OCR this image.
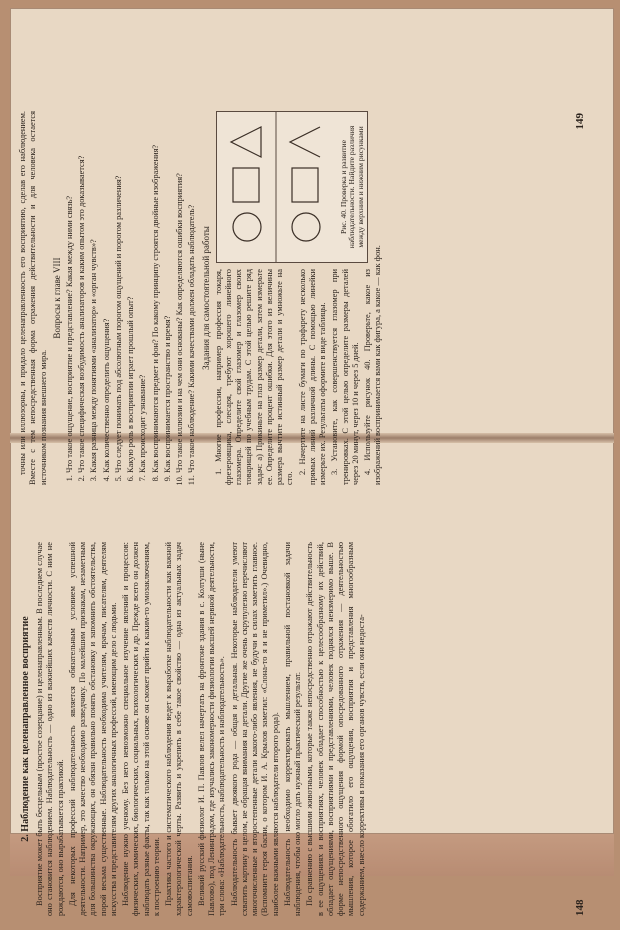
точны или иллюзорны, и придало целенаправленность его восприятию, сделав его наблюдением. Вместе с тем непосредственная форма отражения действительности и для человека остается источником познания внешнего мира.

Вопросы к главе VIII 1. Что такое ощущение, восприятие и представление? Какая между ними связь? 2. Что такое специфическая возбудимость анализаторов и каким опытом это доказывается? 3. Какая разница между понятиями «анализатор» и «орган чувств»? 4. Как количественно определить ощущения? 5. Что следует понимать под абсолютным порогом ощущений и порогом различения? 6. Какую роль в восприятии играет прошлый опыт? 7. Как происходит узнавание? 8. Как воспринимаются предмет и фон? По какому принципу строятся двойные изображения? 9. Как воспринимается пространство и время? 10. Что такое иллюзии и на чем они основаны? Как определяются ошибки восприятия? 11. Что такое наблюдение? Какими качествами должен обладать наблюдатель? Задания для самостоятельной работы
Рис. 40. Проверка и развитие наблюдательности. Найдите различия между верхним и нижним рисунками

1. Многие профессии, например профессия токаря, фрезеровщика, слесаря, требуют хорошего линейного глазомера. Определите свой глазомер и глазомер своих товарищей по учебным трудам. С этой целью решите ряд задач: а) Прикиньте на глаз размер детали, затем измерьте ее. Определите процент ошибки. Для этого из величины размера вычтите истинный размер детали и умножьте на сто.

2. Начертите на листе бумаги по трафарету несколько прямых линий различной длины. С помощью линейки измерьте их. Результаты оформите в виде таблицы. 3. Установите, как совершенствуется глазомер при тренировках. С этой целью определите размеры деталей через 20 минут, через 10 и через 5 дней. 4. Используйте рисунок 40. Проверьте, какое из изображений воспринимается вами как фигура, а какое — как фон.

149
2. Наблюдение как целенаправленное восприятие Восприятие может быть бесцельным (простое созерцание) и целенаправленным. В последнем случае оно становится наблюдением. Наблюдательность — одно из важнейших качеств личности. С ним не рождаются, оно вырабатывается практикой. Для некоторых профессий наблюдательность является обязательным условием успешной деятельности. Например, это качество необходимо разведчику. По малейшим признакам, незаметным для большинства окружающих, он обязан правильно понять обстановку и запомнить обстоятельства, порой весьма существенные. Наблюдательность необходима учителям, врачам, писателям, деятелям искусства и представителям других аналогичных профессий, имеющим дело с людьми. Наблюдение нужно ученому. Без него невозможно специальное изучение явлений и процессов: физических, химических, биологических, социальных, психологических и др. Прежде всего он должен наблюдать разные факты, так как только на этой основе он сможет прийти к каким-то умозаключениям, к построению теории. Практика частого и систематического наблюдения ведет к выработке наблюдательности как важной характерологической черты. Развить и укрепить в себе такое свойство — одна из актуальных задач самовоспитания. Великий русский физиолог И. П. Павлов велел начертать на фронтоне здания в с. Колтуши (ныне Павлово), под Ленинградом, где изучались закономерности физиологии высшей нервной деятельности, три слова: «Наблюдательность, наблюдательность и наблюдательность». Наблюдательность бывает двоякого рода — общая и детальная. Некоторые наблюдатели умеют схватить картину в целом, не обращая внимания на детали. Другие же очень скрупулезно перечисляют многочисленные и второстепенные детали какого-либо явления, не будучи в силах заметить главное. (Вспомните героя басни, о котором И. А. Крылов заметил: «Слона-то я и не приметил».) Очевидно, наиболее важными являются наблюдатели второго рода). Наблюдательность необходимо корректировать мышлением, правильной постановкой задачи наблюдения, чтобы оно могло дать нужный практический результат. По сравнению с высшими животными, которые также непосредственно отражают действительность в ее ощущениях и восприятиях, человек обладает способностью к целесообразному их действий, обладает ощущениями, восприятиями и представлениями, человек поднялся неизмеримо выше. В форме непосредственного ощущения формой опосредованного отражения — деятельностью мышления, которое обогатило его ощущения, восприятия и представления многообразным содержанием, внесло коррективы в показания его органов чувств, если они недоста-	148
